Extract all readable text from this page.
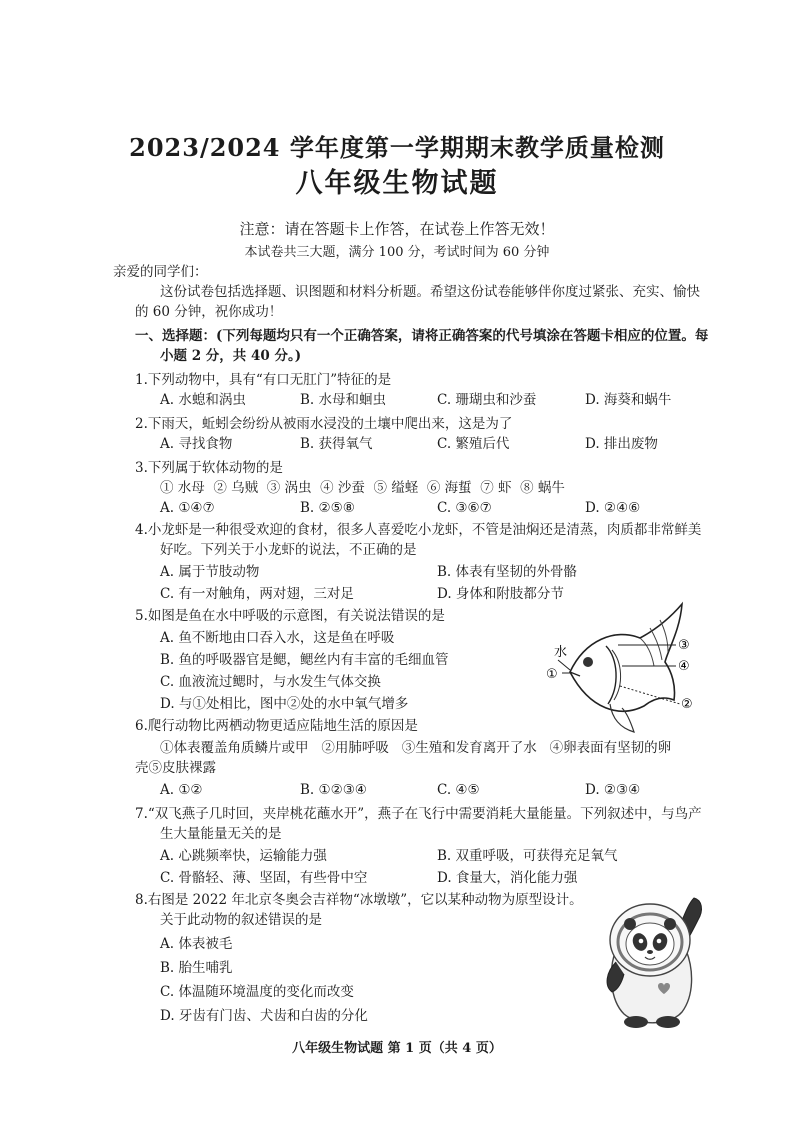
2023/2024 学年度第一学期期末教学质量检测
八年级生物试题
注意：请在答题卡上作答，在试卷上作答无效！
本试卷共三大题，满分 100 分，考试时间为 60 分钟
亲爱的同学们：
这份试卷包括选择题、识图题和材料分析题。希望这份试卷能够伴你度过紧张、充实、愉快
的 60 分钟，祝你成功！
一、选择题：(下列每题均只有一个正确答案，请将正确答案的代号填涂在答题卡相应的位置。每
小题 2 分，共 40 分。)
1.下列动物中，具有“有口无肛门”特征的是
A. 水螅和涡虫	B. 水母和蛔虫	C. 珊瑚虫和沙蚕	D. 海葵和蜗牛
2.下雨天，蚯蚓会纷纷从被雨水浸没的土壤中爬出来，这是为了
A. 寻找食物	B. 获得氧气	C. 繁殖后代	D. 排出废物
3.下列属于软体动物的是
① 水母  ② 乌贼  ③ 涡虫  ④ 沙蚕  ⑤ 缢蛏  ⑥ 海蜇  ⑦ 虾  ⑧ 蜗牛
A. ①④⑦	B. ②⑤⑧	C. ③⑥⑦	D. ②④⑥
4.小龙虾是一种很受欢迎的食材，很多人喜爱吃小龙虾，不管是油焖还是清蒸，肉质都非常鲜美
好吃。下列关于小龙虾的说法，不正确的是
A. 属于节肢动物	B. 体表有坚韧的外骨骼
C. 有一对触角，两对翅，三对足	D. 身体和附肢都分节
5.如图是鱼在水中呼吸的示意图，有关说法错误的是
A. 鱼不断地由口吞入水，这是鱼在呼吸
B. 鱼的呼吸器官是鳃，鳃丝内有丰富的毛细血管
C. 血液流过鳃时，与水发生气体交换
D. 与①处相比，图中②处的水中氧气增多
水
①
②
③
④
6.爬行动物比两栖动物更适应陆地生活的原因是
①体表覆盖角质鳞片或甲   ②用肺呼吸   ③生殖和发育离开了水   ④卵表面有坚韧的卵
壳⑤皮肤裸露
A. ①②	B. ①②③④	C. ④⑤	D. ②③④
7.“双飞燕子几时回，夹岸桃花蘸水开”，燕子在飞行中需要消耗大量能量。下列叙述中，与鸟产
生大量能量无关的是
A. 心跳频率快，运输能力强	B. 双重呼吸，可获得充足氧气
C. 骨骼轻、薄、坚固，有些骨中空	D. 食量大，消化能力强
8.右图是 2022 年北京冬奥会吉祥物“冰墩墩”，它以某种动物为原型设计。
关于此动物的叙述错误的是
A. 体表被毛
B. 胎生哺乳
C. 体温随环境温度的变化而改变
D. 牙齿有门齿、犬齿和白齿的分化
八年级生物试题 第 1 页（共 4 页）
